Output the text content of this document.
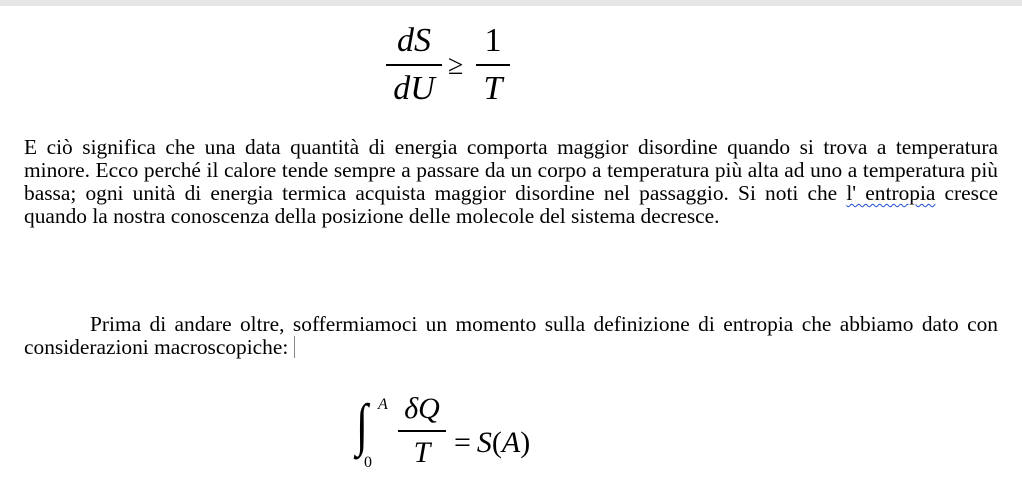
dS
dU
≥
1
T

E ciò significa che una data quantità di energia comporta maggior disordine quando si trova a temperatura minore. Ecco perché il calore tende sempre a passare da un corpo a temperatura più alta ad uno a temperatura più bassa; ogni unità di energia termica acquista maggior disordine nel passaggio. Si noti che l' entropia cresce quando la nostra conoscenza della posizione delle molecole del sistema decresce.

Prima di andare oltre, soffermiamoci un momento sulla definizione di entropia che abbiamo dato con considerazioni macroscopiche:

∫ A
0
δQ
T = S(A)
